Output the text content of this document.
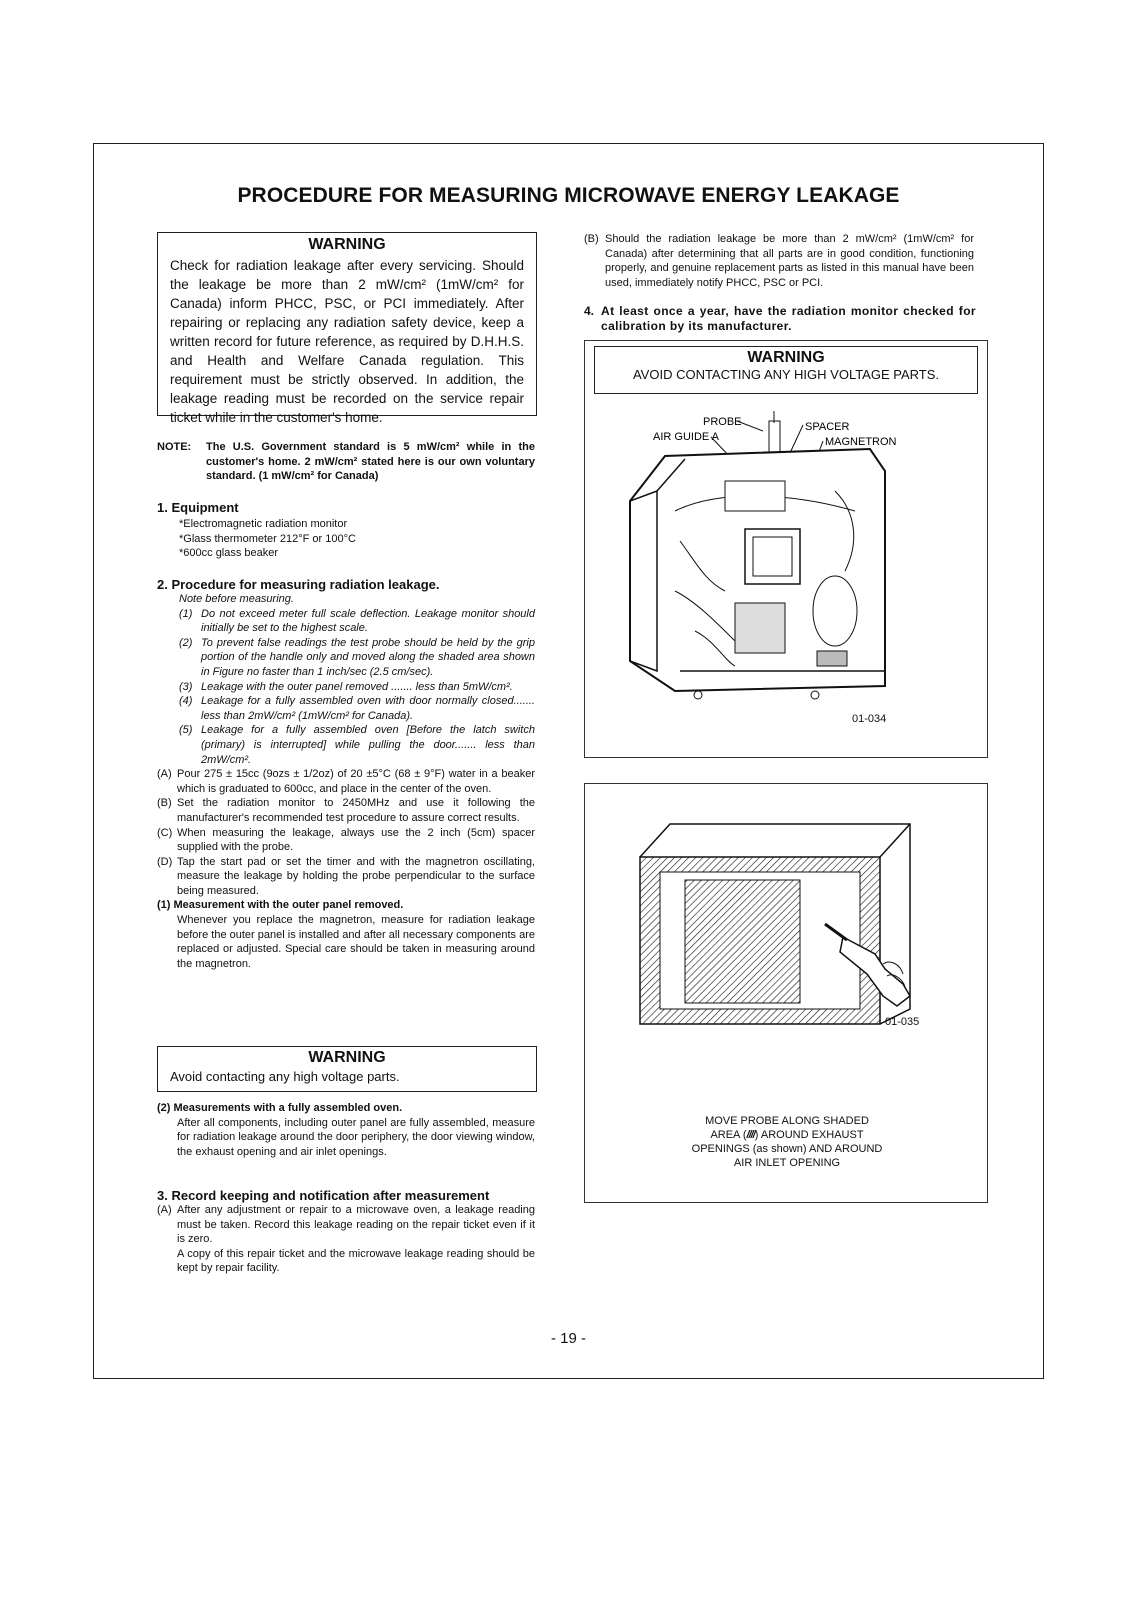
PROCEDURE FOR MEASURING MICROWAVE ENERGY LEAKAGE
WARNING
Check for radiation leakage after every servicing. Should the leakage be more than 2 mW/cm² (1mW/cm² for Canada) inform PHCC, PSC, or PCI immediately. After repairing or replacing any radiation safety device, keep a written record for future reference, as required by D.H.H.S. and Health and Welfare Canada regulation. This requirement must be strictly observed. In addition, the leakage reading must be recorded on the service repair ticket while in the customer's home.
NOTE:	The U.S. Government standard is 5 mW/cm² while in the customer's home. 2 mW/cm² stated here is our own voluntary standard. (1 mW/cm² for Canada)
1. Equipment
*Electromagnetic radiation monitor
*Glass thermometer 212°F or 100°C
*600cc glass beaker
2. Procedure for measuring radiation leakage.
Note before measuring.
(1) Do not exceed meter full scale deflection. Leakage monitor should initially be set to the highest scale.
(2) To prevent false readings the test probe should be held by the grip portion of the handle only and moved along the shaded area shown in Figure no faster than 1 inch/sec (2.5 cm/sec).
(3) Leakage with the outer panel removed ....... less than 5mW/cm².
(4) Leakage for a fully assembled oven with door normally closed....... less than 2mW/cm² (1mW/cm² for Canada).
(5) Leakage for a fully assembled oven [Before the latch switch (primary) is interrupted] while pulling the door....... less than 2mW/cm².
(A) Pour 275 ± 15cc (9ozs ± 1/2oz) of 20 ±5°C (68 ± 9°F) water in a beaker which is graduated to 600cc, and place in the center of the oven.
(B) Set the radiation monitor to 2450MHz and use it following the manufacturer's recommended test procedure to assure correct results.
(C) When measuring the leakage, always use the 2 inch (5cm) spacer supplied with the probe.
(D) Tap the start pad or set the timer and with the magnetron oscillating, measure the leakage by holding the probe perpendicular to the surface being measured.
(1) Measurement with the outer panel removed.
Whenever you replace the magnetron, measure for radiation leakage before the outer panel is installed and after all necessary components are replaced or adjusted. Special care should be taken in measuring around the magnetron.
WARNING
Avoid contacting any high voltage parts.
(2) Measurements with a fully assembled oven.
After all components, including outer panel are fully assembled, measure for radiation leakage around the door periphery, the door viewing window, the exhaust opening and air inlet openings.
3. Record keeping and notification after measurement
(A) After any adjustment or repair to a microwave oven, a leakage reading must be taken. Record this leakage reading on the repair ticket even if it is zero.
A copy of this repair ticket and the microwave leakage reading should be kept by repair facility.
(B) Should the radiation leakage be more than 2 mW/cm² (1mW/cm² for Canada) after determining that all parts are in good condition, functioning properly, and genuine replacement parts as listed in this manual have been used, immediately notify PHCC, PSC or PCI.
4. At least once a year, have the radiation monitor checked for calibration by its manufacturer.
WARNING
AVOID CONTACTING ANY HIGH VOLTAGE PARTS.
PROBE
AIR GUIDE A
SPACER
MAGNETRON
01-034
01-035
MOVE PROBE ALONG SHADED
AREA (////) AROUND EXHAUST
OPENINGS (as shown) AND AROUND
AIR INLET OPENING
- 19 -
